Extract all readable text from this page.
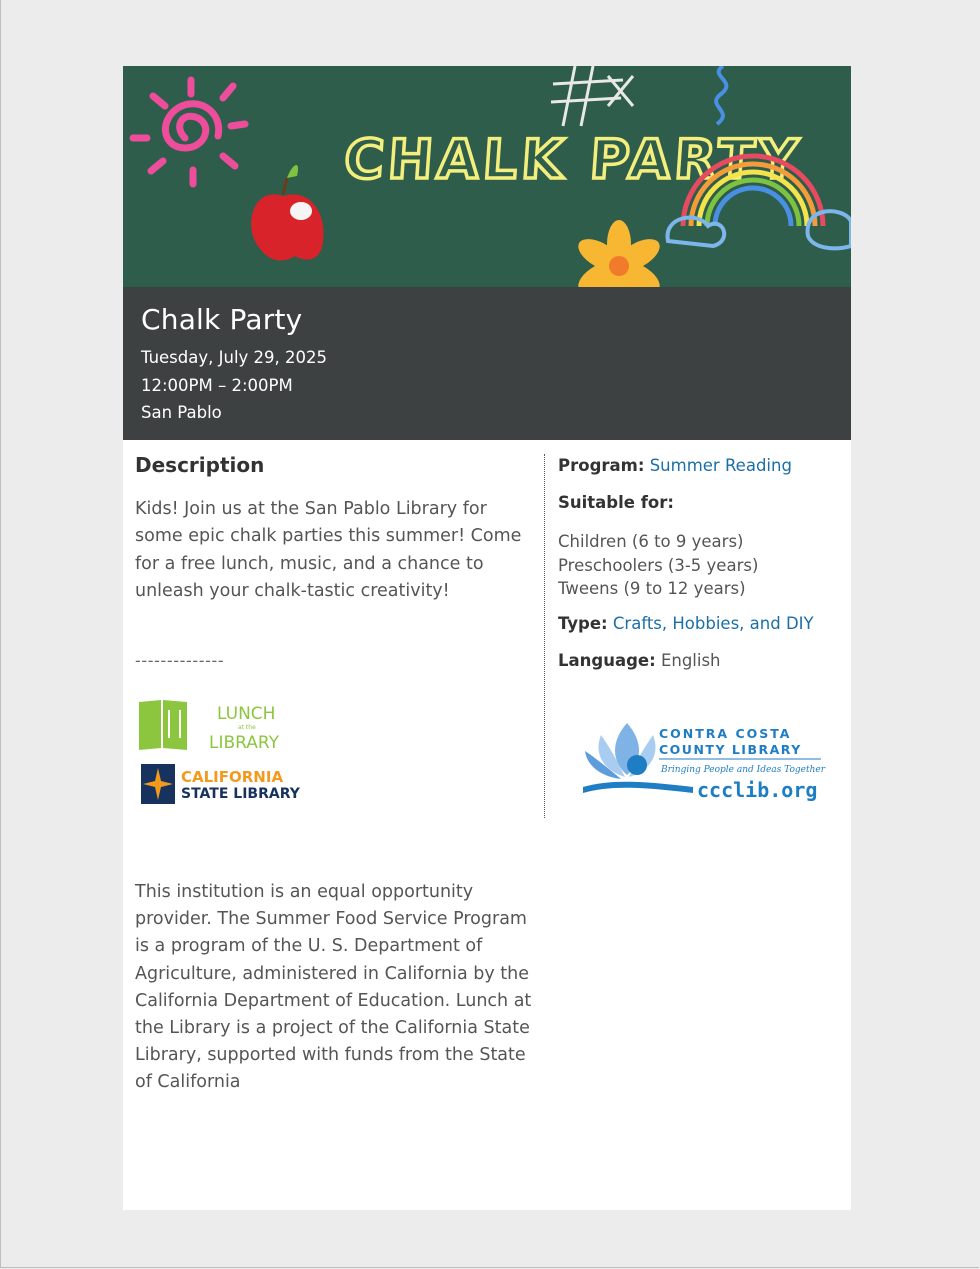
CHALK PARTY
Chalk Party
Tuesday, July 29, 2025
12:00PM – 2:00PM
San Pablo
Description
Kids! Join us at the San Pablo Library for some epic chalk parties this summer! Come for a free lunch, music, and a chance to unleash your chalk-tastic creativity!
--------------
LUNCH
at the
LIBRARY
CALIFORNIA
STATE LIBRARY
This institution is an equal opportunity provider. The Summer Food Service Program is a program of the U. S. Department of Agriculture, administered in California by the California Department of Education. Lunch at the Library is a project of the California State Library, supported with funds from the State of California
Program: Summer Reading
Suitable for:
Children (6 to 9 years)
Preschoolers (3-5 years)
Tweens (9 to 12 years)
Type: Crafts, Hobbies, and DIY
Language: English
CONTRA COSTA
COUNTY LIBRARY
Bringing People and Ideas Together
ccclib.org
